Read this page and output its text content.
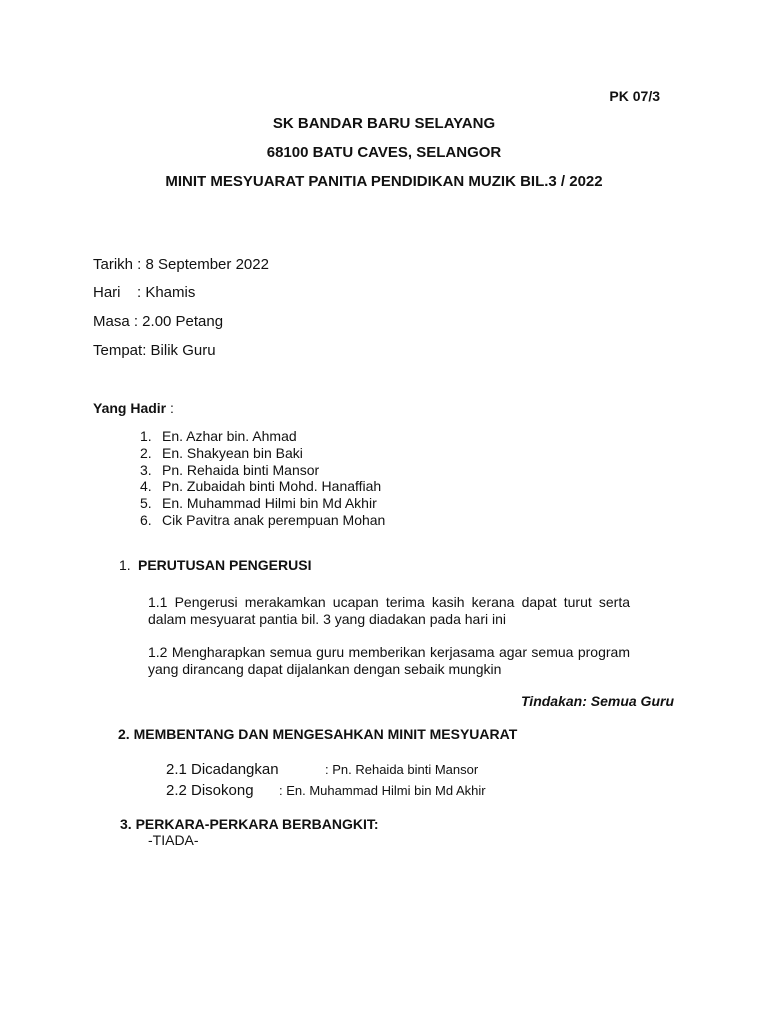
PK 07/3
SK BANDAR BARU SELAYANG
68100 BATU CAVES, SELANGOR
MINIT MESYUARAT PANITIA PENDIDIKAN MUZIK BIL.3 / 2022
Tarikh : 8 September 2022
Hari : Khamis
Masa : 2.00 Petang
Tempat: Bilik Guru
Yang Hadir :
1. En. Azhar bin. Ahmad
2. En. Shakyean bin Baki
3. Pn. Rehaida binti Mansor
4. Pn. Zubaidah binti Mohd. Hanaffiah
5. En. Muhammad Hilmi bin Md Akhir
6. Cik Pavitra anak perempuan Mohan
1. PERUTUSAN PENGERUSI
1.1 Pengerusi merakamkan ucapan terima kasih kerana dapat turut serta dalam mesyuarat pantia bil. 3 yang diadakan pada hari ini
1.2 Mengharapkan semua guru memberikan kerjasama agar semua program yang dirancang dapat dijalankan dengan sebaik mungkin
Tindakan: Semua Guru
2. MEMBENTANG DAN MENGESAHKAN MINIT MESYUARAT
2.1 Dicadangkan	: Pn. Rehaida binti Mansor
2.2 Disokong : En. Muhammad Hilmi bin Md Akhir
3. PERKARA-PERKARA BERBANGKIT:
-TIADA-
